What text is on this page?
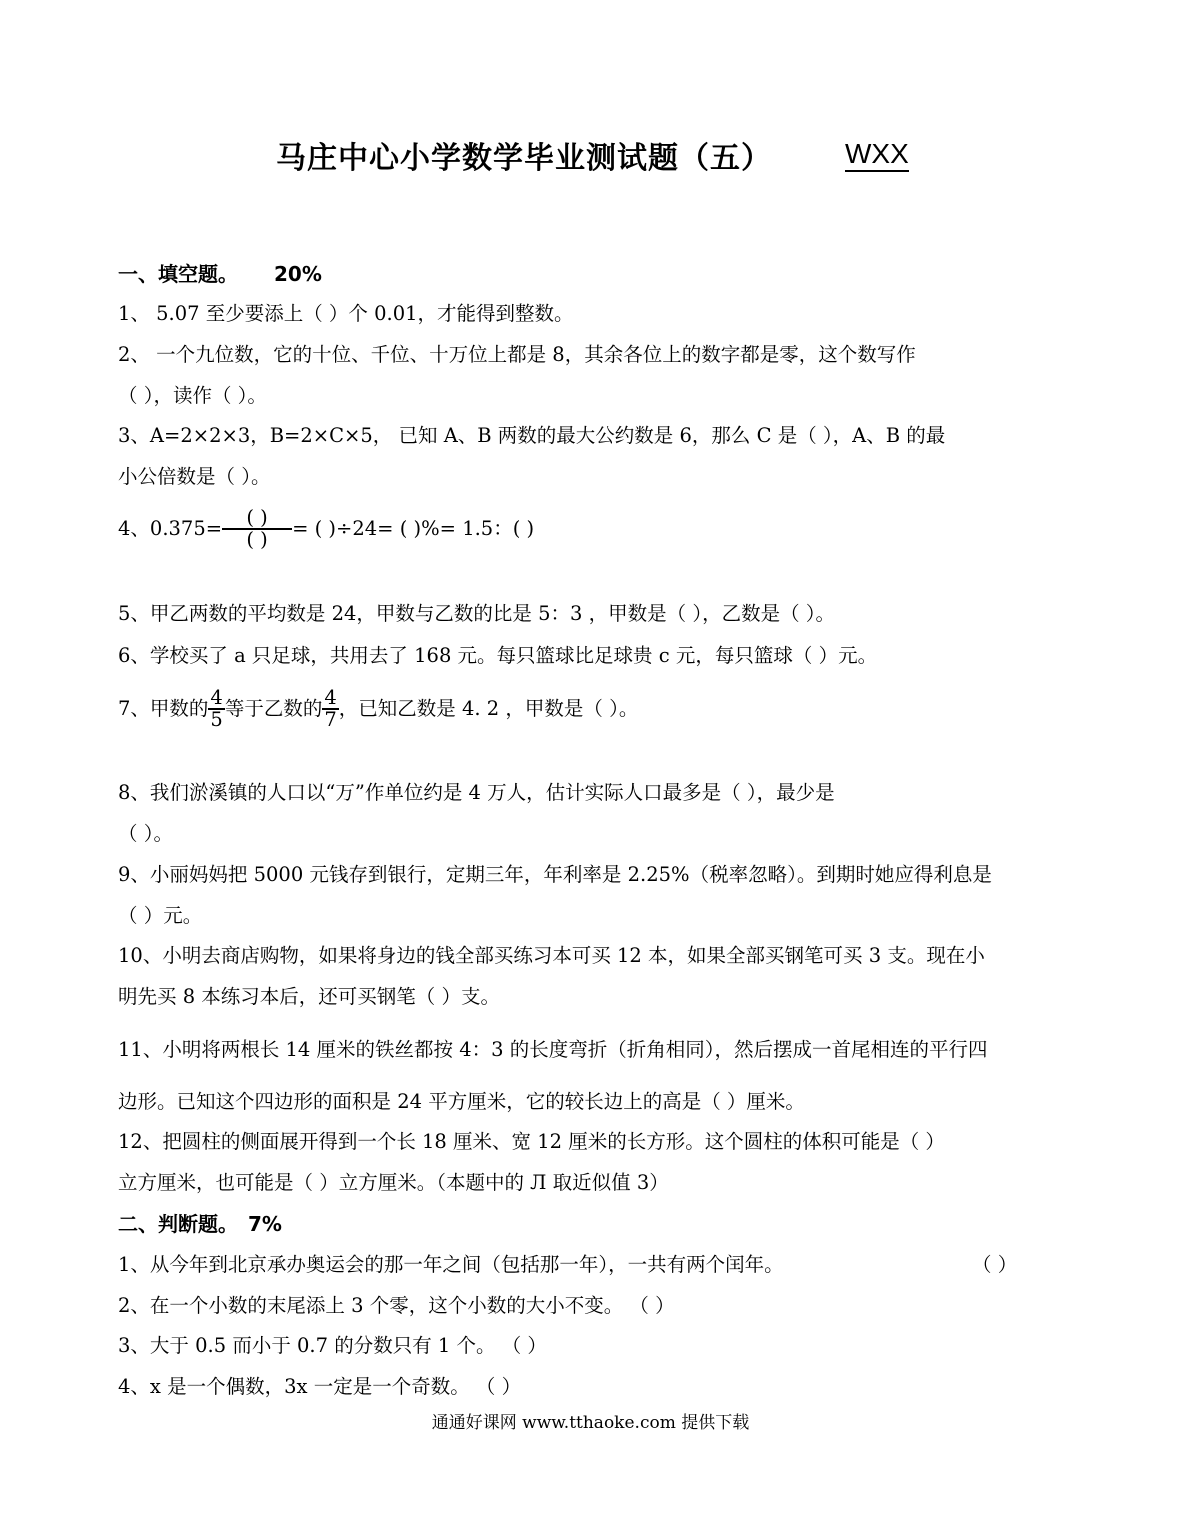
马庄中心小学数学毕业测试题（五）	WXX
一、填空题。 20%
1、 5.07 至少要添上（ ）个 0.01，才能得到整数。
2、 一个九位数，它的十位、千位、十万位上都是 8，其余各位上的数字都是零，这个数写作
（ ），读作（ ）。
3、A=2×2×3，B=2×C×5， 已知 A、B 两数的最大公约数是 6，那么 C 是（ ），A、B 的最
小公倍数是（ ）。
4、$0.375= \frac{( )}{( )}$ = ( )÷24= ( )%= 1.5：( )
5、甲乙两数的平均数是 24，甲数与乙数的比是 5：3 ，甲数是（ ），乙数是（ ）。
6、学校买了 a 只足球，共用去了 168 元。每只篮球比足球贵 c 元，每只篮球（ ）元。
7、甲数的 $\frac{4}{5}$ 等于乙数的 $\frac{4}{7}$ ，已知乙数是 4. 2 ，甲数是（ ）。
8、我们淤溪镇的人口以“万”作单位约是 4 万人，估计实际人口最多是（ ），最少是
（ ）。
9、小丽妈妈把 5000 元钱存到银行，定期三年，年利率是 2.25%（税率忽略）。到期时她应得利息是
（ ）元。
10、小明去商店购物，如果将身边的钱全部买练习本可买 12 本，如果全部买钢笔可买 3 支。现在小
明先买 8 本练习本后，还可买钢笔（ ）支。
11、小明将两根长 14 厘米的铁丝都按 4：3 的长度弯折（折角相同），然后摆成一首尾相连的平行四
边形。已知这个四边形的面积是 24 平方厘米，它的较长边上的高是（ ）厘米。
12、把圆柱的侧面展开得到一个长 18 厘米、宽 12 厘米的长方形。这个圆柱的体积可能是（ ）
立方厘米，也可能是（ ）立方厘米。（本题中的 Л 取近似值 3）
二、判断题。 7%
1、从今年到北京承办奥运会的那一年之间（包括那一年），一共有两个闰年。	（ ）
2、在一个小数的末尾添上 3 个零，这个小数的大小不变。 （ ）
3、大于 0.5 而小于 0.7 的分数只有 1 个。 （ ）
4、x 是一个偶数，3x 一定是一个奇数。 （ ）
通通好课网 www.tthaoke.com 提供下载
